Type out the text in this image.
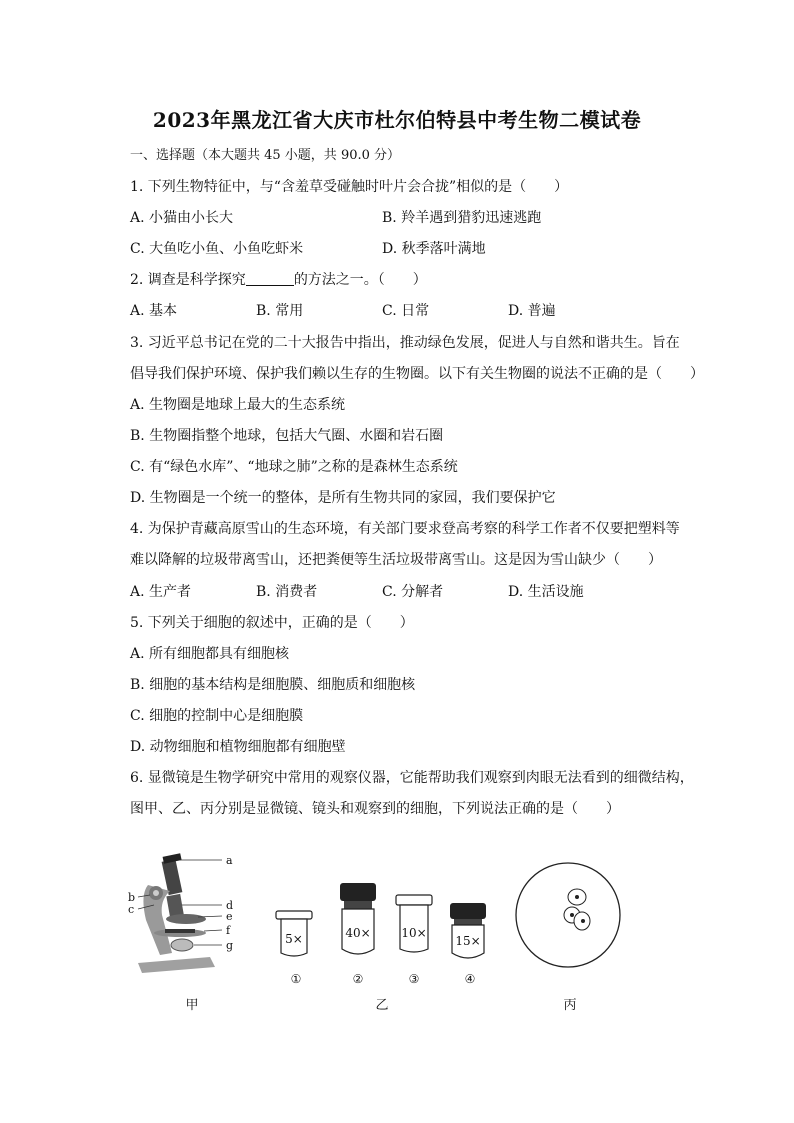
2023年黑龙江省大庆市杜尔伯特县中考生物二模试卷
一、选择题（本大题共 45 小题，共 90.0 分）
1. 下列生物特征中，与“含羞草受碰触时叶片会合拢”相似的是（　　）
A. 小猫由小长大	B. 羚羊遇到猎豹迅速逃跑
C. 大鱼吃小鱼、小鱼吃虾米	D. 秋季落叶满地
2. 调查是科学探究	的方法之一。（　　）
A. 基本	B. 常用	C. 日常	D. 普遍
3. 习近平总书记在党的二十大报告中指出，推动绿色发展，促进人与自然和谐共生。旨在
倡导我们保护环境、保护我们赖以生存的生物圈。以下有关生物圈的说法不正确的是（　　）
A. 生物圈是地球上最大的生态系统
B. 生物圈指整个地球，包括大气圈、水圈和岩石圈
C. 有“绿色水库”、“地球之肺”之称的是森林生态系统
D. 生物圈是一个统一的整体，是所有生物共同的家园，我们要保护它
4. 为保护青藏高原雪山的生态环境，有关部门要求登高考察的科学工作者不仅要把塑料等
难以降解的垃圾带离雪山，还把粪便等生活垃圾带离雪山。这是因为雪山缺少（　　）
A. 生产者	B. 消费者	C. 分解者	D. 生活设施
5. 下列关于细胞的叙述中，正确的是（　　）
A. 所有细胞都具有细胞核
B. 细胞的基本结构是细胞膜、细胞质和细胞核
C. 细胞的控制中心是细胞膜
D. 动物细胞和植物细胞都有细胞壁
6. 显微镜是生物学研究中常用的观察仪器，它能帮助我们观察到肉眼无法看到的细微结构，
图甲、乙、丙分别是显微镜、镜头和观察到的细胞，下列说法正确的是（　　）
a
b
c	d
e
f
g	5×	40×	10×
15×
①	②	③	④
甲	乙	丙
